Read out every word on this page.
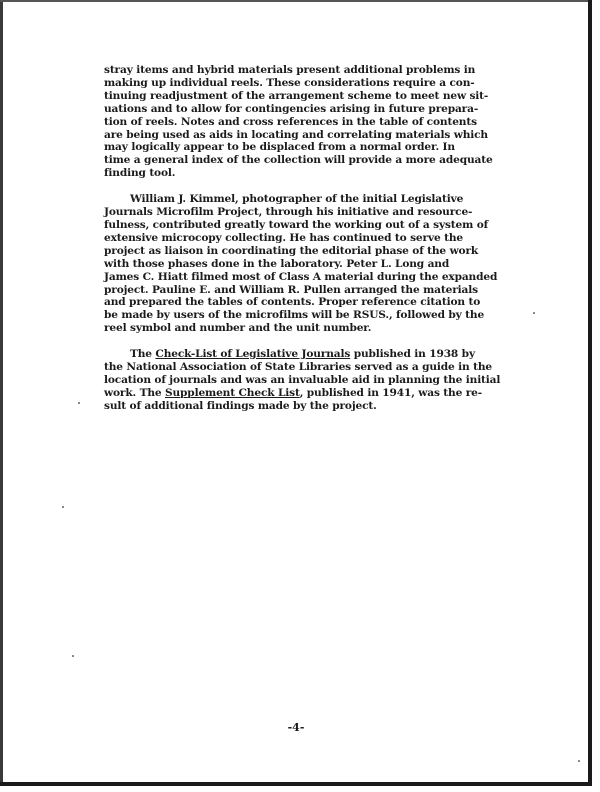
stray items and hybrid materials present additional problems in
making up individual reels. These considerations require a con-
tinuing readjustment of the arrangement scheme to meet new sit-
uations and to allow for contingencies arising in future prepara-
tion of reels. Notes and cross references in the table of contents
are being used as aids in locating and correlating materials which
may logically appear to be displaced from a normal order. In
time a general index of the collection will provide a more adequate
finding tool.

William J. Kimmel, photographer of the initial Legislative
Journals Microfilm Project, through his initiative and resource-
fulness, contributed greatly toward the working out of a system of
extensive microcopy collecting. He has continued to serve the
project as liaison in coordinating the editorial phase of the work
with those phases done in the laboratory. Peter L. Long and
James C. Hiatt filmed most of Class A material during the expanded
project. Pauline E. and William R. Pullen arranged the materials
and prepared the tables of contents. Proper reference citation to
be made by users of the microfilms will be RSUS., followed by the
reel symbol and number and the unit number.

The Check-List of Legislative Journals published in 1938 by
the National Association of State Libraries served as a guide in the
location of journals and was an invaluable aid in planning the initial
work. The Supplement Check List, published in 1941, was the re-
sult of additional findings made by the project.

-4-
